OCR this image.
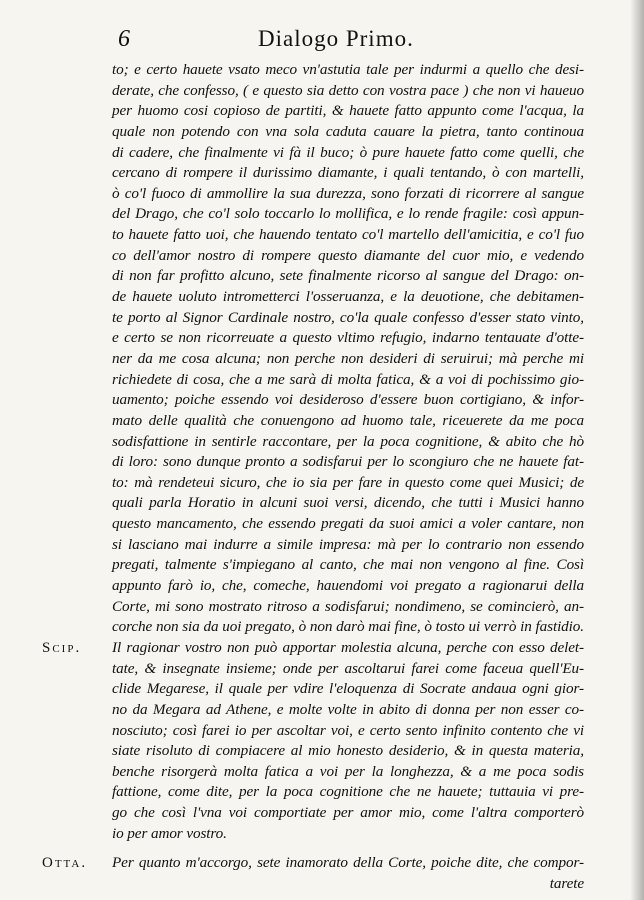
6	Dialogo Primo.
to; e certo hauete vsato meco vn'astutia tale per indurmi a quello che desi-
derate, che confesso, ( e questo sia detto con vostra pace ) che non vi haueuo
per huomo cosi copioso de partiti, & hauete fatto appunto come l'acqua, la
quale non potendo con vna sola caduta cauare la pietra, tanto continoua
di cadere, che finalmente vi fà il buco; ò pure hauete fatto come quelli, che
cercano di rompere il durissimo diamante, i quali tentando, ò con martelli,
ò co'l fuoco di ammollire la sua durezza, sono forzati di ricorrere al sangue
del Drago, che co'l solo toccarlo lo mollifica, e lo rende fragile: così appun-
to hauete fatto uoi, che hauendo tentato co'l martello dell'amicitia, e co'l fuo
co dell'amor nostro di rompere questo diamante del cuor mio, e vedendo
di non far profitto alcuno, sete finalmente ricorso al sangue del Drago: on-
de hauete uoluto intrometterci l'osseruanza, e la deuotione, che debitamen-
te porto al Signor Cardinale nostro, co'la quale confesso d'esser stato vinto,
e certo se non ricorreuate a questo vltimo refugio, indarno tentauate d'otte-
ner da me cosa alcuna; non perche non desideri di seruirui; mà perche mi
richiedete di cosa, che a me sarà di molta fatica, & a voi di pochissimo gio-
uamento; poiche essendo voi desideroso d'essere buon cortigiano, & infor-
mato delle qualità che conuengono ad huomo tale, riceuerete da me poca
sodisfattione in sentirle raccontare, per la poca cognitione, & abito che hò
di loro: sono dunque pronto a sodisfarui per lo scongiuro che ne hauete fat-
to: mà rendeteui sicuro, che io sia per fare in questo come quei Musici; de
quali parla Horatio in alcuni suoi versi, dicendo, che tutti i Musici hanno
questo mancamento, che essendo pregati da suoi amici a voler cantare, non
si lasciano mai indurre a simile impresa: mà per lo contrario non essendo
pregati, talmente s'impiegano al canto, che mai non vengono al fine. Così
appunto farò io, che, comeche, hauendomi voi pregato a ragionarui della
Corte, mi sono mostrato ritroso a sodisfarui; nondimeno, se comincierò, an-
corche non sia da uoi pregato, ò non darò mai fine, ò tosto ui verrò in fastidio.
Scip. Il ragionar vostro non può apportar molestia alcuna, perche con esso delet-
tate, & insegnate insieme; onde per ascoltarui farei come faceua quell'Eu-
clide Megarese, il quale per vdire l'eloquenza di Socrate andaua ogni gior-
no da Megara ad Athene, e molte volte in abito di donna per non esser co-
nosciuto; così farei io per ascoltar voi, e certo sento infinito contento che vi
siate risoluto di compiacere al mio honesto desiderio, & in questa materia,
benche risorgerà molta fatica a voi per la longhezza, & a me poca sodis
fattione, come dite, per la poca cognitione che ne hauete; tuttauia vi pre-
go che così l'vna voi comportiate per amor mio, come l'altra comporterò
io per amor vostro.
Otta. Per quanto m'accorgo, sete inamorato della Corte, poiche dite, che compor-
tarete
